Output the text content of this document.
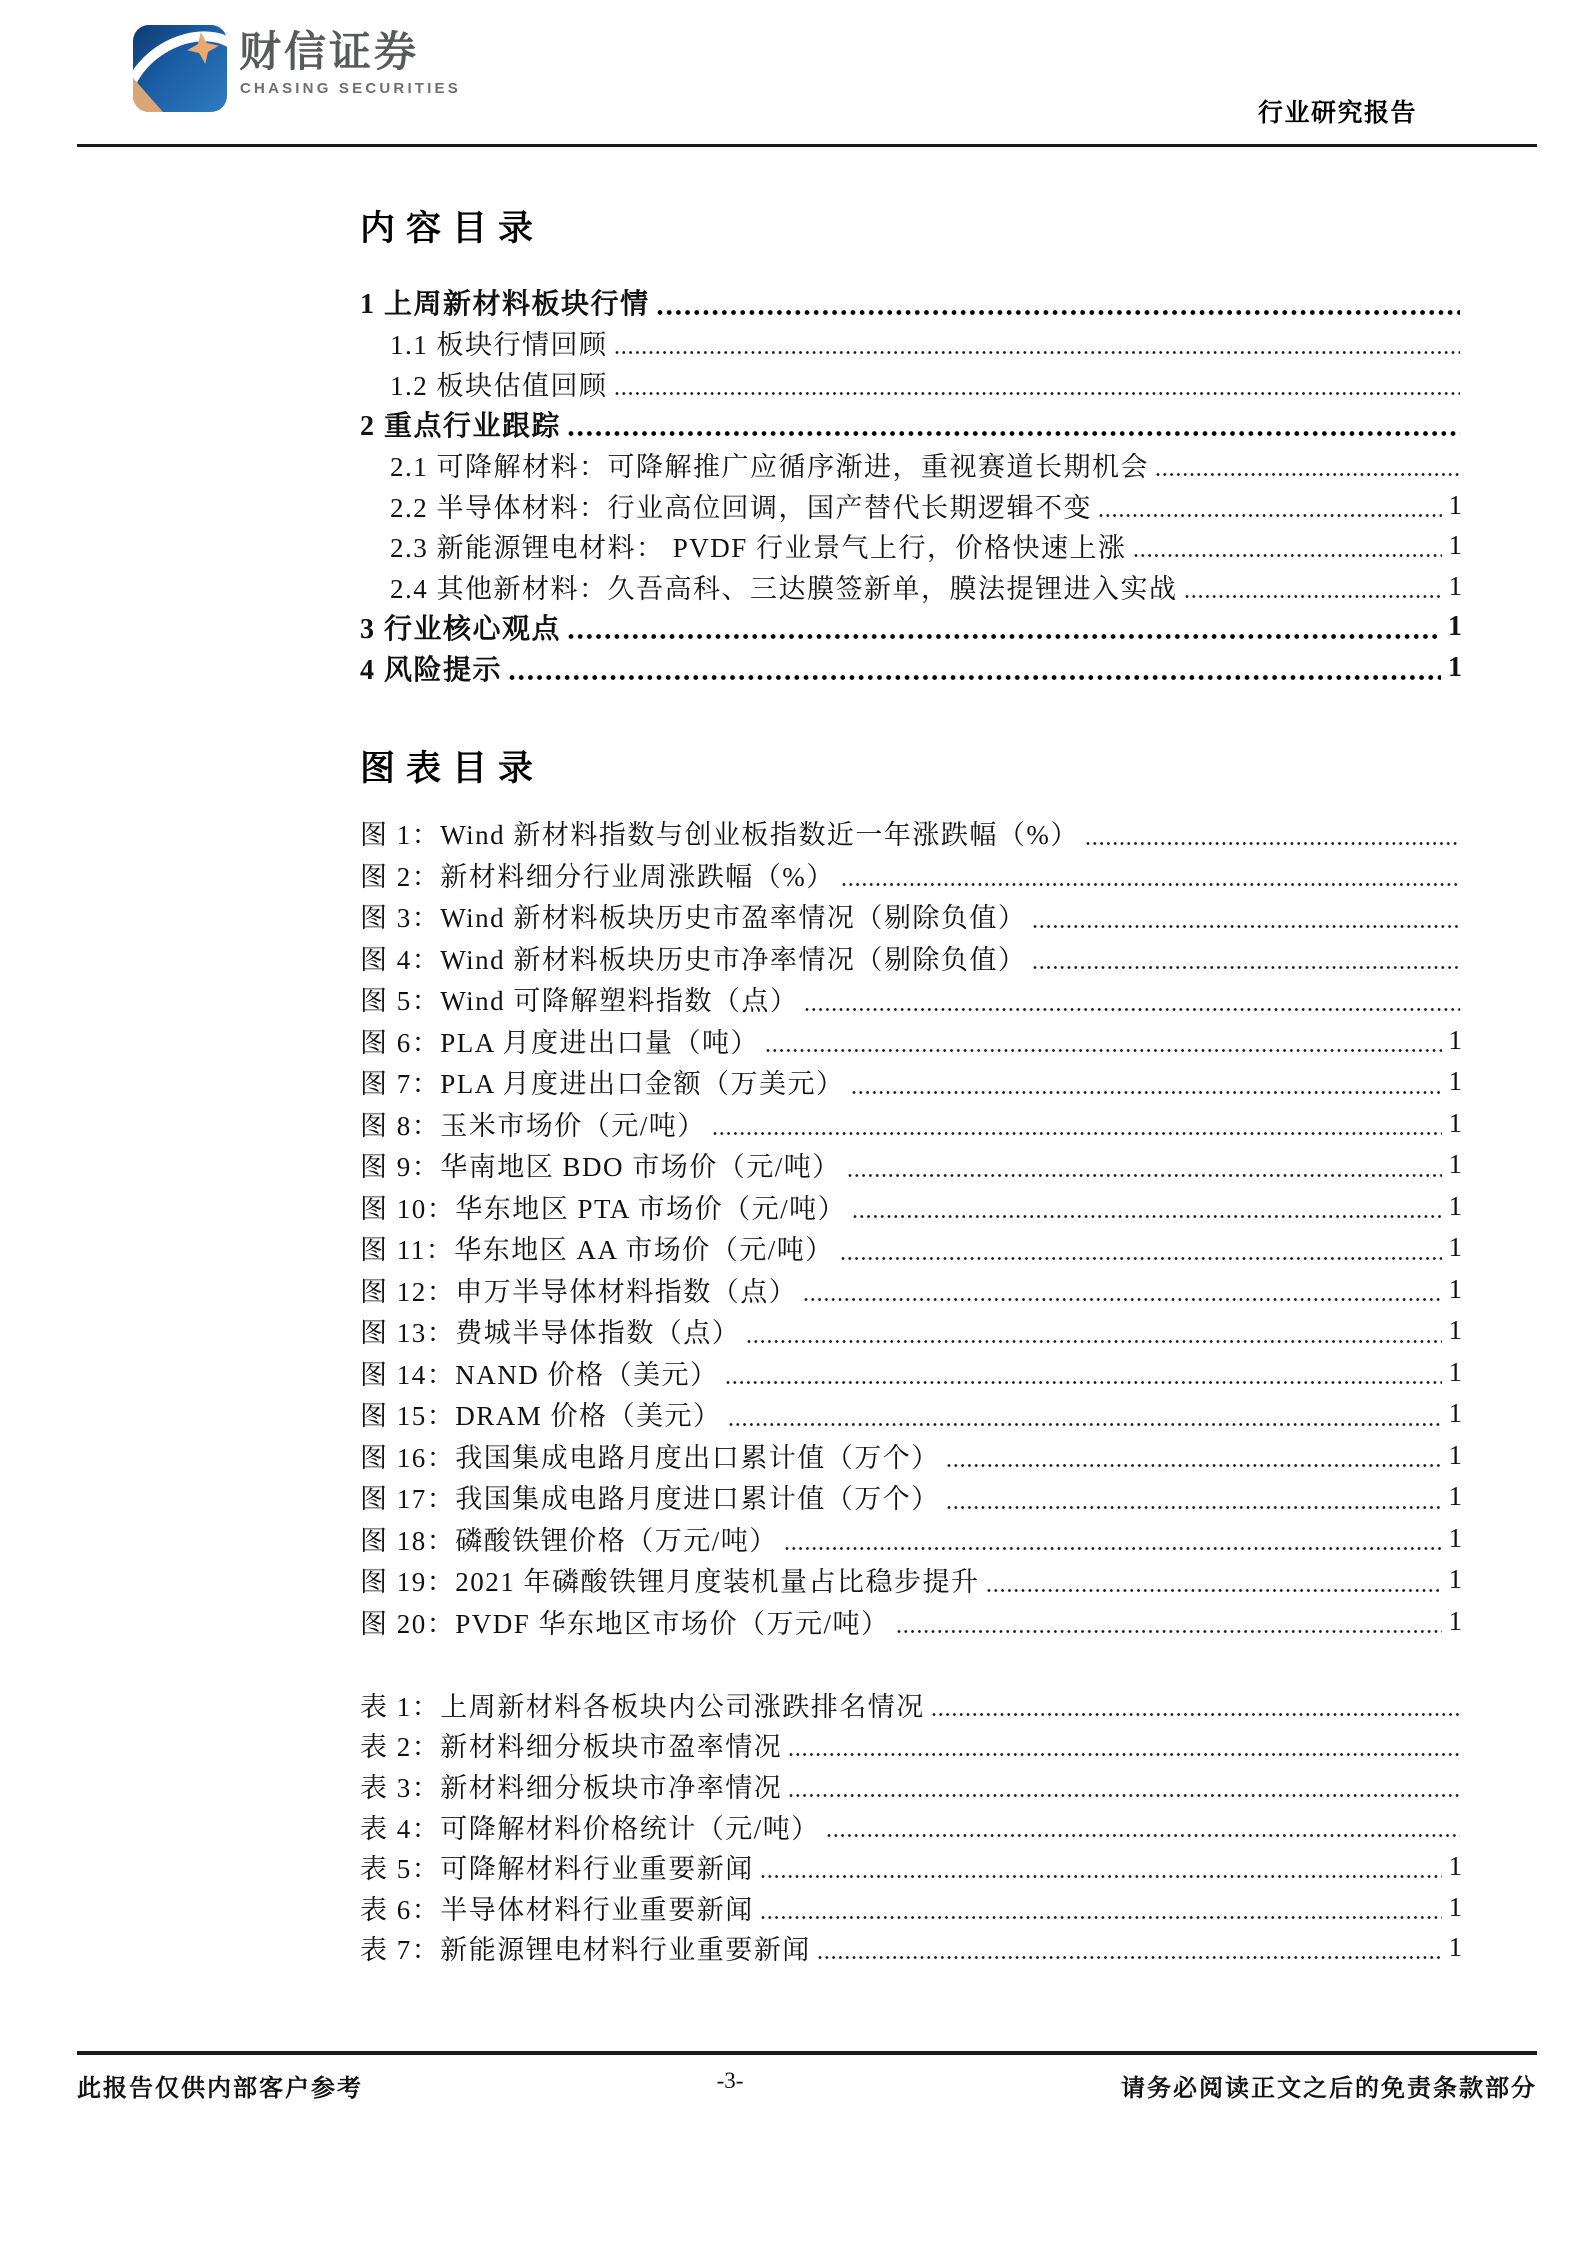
财信证券
CHASING SECURITIES
行业研究报告
内容目录
1 上周新材料板块行情
1.1 板块行情回顾
1.2 板块估值回顾
2 重点行业跟踪
2.1 可降解材料：可降解推广应循序渐进，重视赛道长期机会
2.2 半导体材料：行业高位回调，国产替代长期逻辑不变	1
2.3 新能源锂电材料： PVDF 行业景气上行，价格快速上涨	1
2.4 其他新材料：久吾高科、三达膜签新单，膜法提锂进入实战	1
3 行业核心观点	1
4 风险提示	1
图表目录
图 1：Wind 新材料指数与创业板指数近一年涨跌幅（%）
图 2：新材料细分行业周涨跌幅（%）
图 3：Wind 新材料板块历史市盈率情况（剔除负值）
图 4：Wind 新材料板块历史市净率情况（剔除负值）
图 5：Wind 可降解塑料指数（点）
图 6：PLA 月度进出口量（吨）	1
图 7：PLA 月度进出口金额（万美元）	1
图 8：玉米市场价（元/吨）	1
图 9：华南地区 BDO 市场价（元/吨）	1
图 10：华东地区 PTA 市场价（元/吨）	1
图 11：华东地区 AA 市场价（元/吨）	1
图 12：申万半导体材料指数（点）	1
图 13：费城半导体指数（点）	1
图 14：NAND 价格（美元）	1
图 15：DRAM 价格（美元）	1
图 16：我国集成电路月度出口累计值（万个）	1
图 17：我国集成电路月度进口累计值（万个）	1
图 18：磷酸铁锂价格（万元/吨）	1
图 19：2021 年磷酸铁锂月度装机量占比稳步提升	1
图 20：PVDF 华东地区市场价（万元/吨）	1
表 1：上周新材料各板块内公司涨跌排名情况
表 2：新材料细分板块市盈率情况
表 3：新材料细分板块市净率情况
表 4：可降解材料价格统计（元/吨）
表 5：可降解材料行业重要新闻	1
表 6：半导体材料行业重要新闻	1
表 7：新能源锂电材料行业重要新闻	1
此报告仅供内部客户参考	-3-	请务必阅读正文之后的免责条款部分
